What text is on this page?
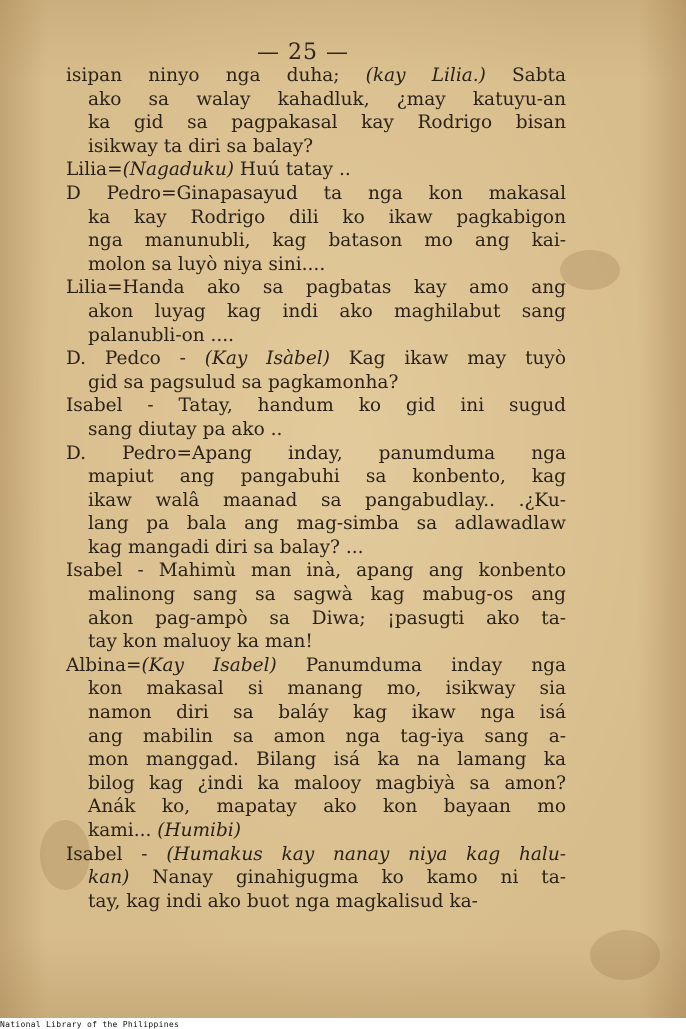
— 25 —
isipan ninyo nga duha; (kay Lilia.) Sabta
ako sa walay kahadluk, ¿may katuyu-an
ka gid sa pagpakasal kay Rodrigo bisan
isikway ta diri sa balay?
Lilia=(Nagaduku) Huú tatay ..
D Pedro=Ginapasayud ta nga kon makasal
ka kay Rodrigo dili ko ikaw pagkabigon
nga manunubli, kag batason mo ang kai-
molon sa luyò niya sini....
Lilia=Handa ako sa pagbatas kay amo ang
akon luyag kag indi ako maghilabut sang
palanubli-on ....
D. Pedco - (Kay Isàbel) Kag ikaw may tuyò
gid sa pagsulud sa pagkamonha?
Isabel - Tatay, handum ko gid ini sugud
sang diutay pa ako ..
D. Pedro=Apang inday, panumduma nga
mapiut ang pangabuhi sa konbento, kag
ikaw walâ maanad sa pangabudlay.. .¿Ku-
lang pa bala ang mag-simba sa adlawadlaw
kag mangadi diri sa balay? ...
Isabel - Mahimù man inà, apang ang konbento
malinong sang sa sagwà kag mabug-os ang
akon pag-ampò sa Diwa; ¡pasugti ako ta-
tay kon maluoy ka man!
Albina=(Kay Isabel) Panumduma inday nga
kon makasal si manang mo, isikway sia
namon diri sa baláy kag ikaw nga isá
ang mabilin sa amon nga tag-iya sang a-
mon manggad. Bilang isá ka na lamang ka
bilog kag ¿indi ka malooy magbiyà sa amon?
Anák ko, mapatay ako kon bayaan mo
kami... (Humibi)
Isabel - (Humakus kay nanay niya kag halu-
kan) Nanay ginahigugma ko kamo ni ta-
tay, kag indi ako buot nga magkalisud ka-
National Library of the Philippines
